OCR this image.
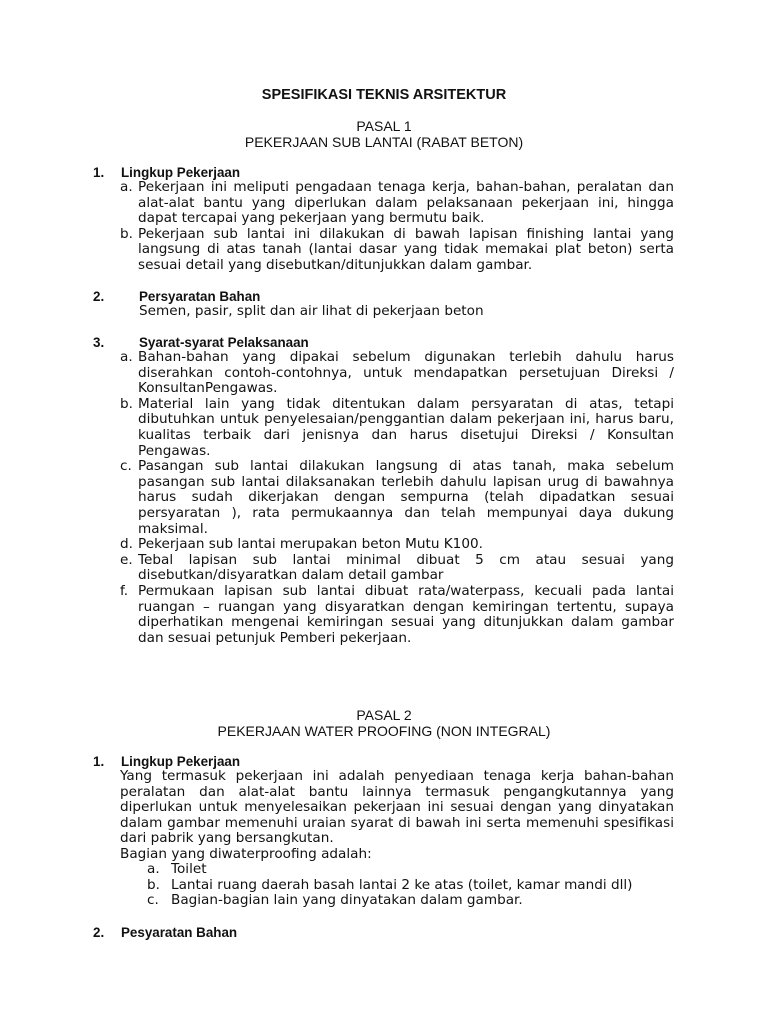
SPESIFIKASI TEKNIS ARSITEKTUR
PASAL 1
PEKERJAAN SUB LANTAI (RABAT BETON)
1. Lingkup Pekerjaan
a. Pekerjaan ini meliputi pengadaan tenaga kerja, bahan-bahan, peralatan dan alat-alat bantu yang diperlukan dalam pelaksanaan pekerjaan ini, hingga dapat tercapai yang pekerjaan yang bermutu baik.
b. Pekerjaan sub lantai ini dilakukan di bawah lapisan finishing lantai yang langsung di atas tanah (lantai dasar yang tidak memakai plat beton) serta sesuai detail yang disebutkan/ditunjukkan dalam gambar.
2.	Persyaratan Bahan
Semen, pasir, split dan air lihat di pekerjaan beton
3.	Syarat-syarat Pelaksanaan
a. Bahan-bahan yang dipakai sebelum digunakan terlebih dahulu harus diserahkan contoh-contohnya, untuk mendapatkan persetujuan Direksi / KonsultanPengawas.
b. Material lain yang tidak ditentukan dalam persyaratan di atas, tetapi dibutuhkan untuk penyelesaian/penggantian dalam pekerjaan ini, harus baru, kualitas terbaik dari jenisnya dan harus disetujui Direksi / Konsultan Pengawas.
c. Pasangan sub lantai dilakukan langsung di atas tanah, maka sebelum pasangan sub lantai dilaksanakan terlebih dahulu lapisan urug di bawahnya harus sudah dikerjakan dengan sempurna (telah dipadatkan sesuai persyaratan ), rata permukaannya dan telah mempunyai daya dukung maksimal.
d. Pekerjaan sub lantai merupakan beton Mutu K100.
e. Tebal lapisan sub lantai minimal dibuat 5 cm atau sesuai yang disebutkan/disyaratkan dalam detail gambar
f. Permukaan lapisan sub lantai dibuat rata/waterpass, kecuali pada lantai ruangan – ruangan yang disyaratkan dengan kemiringan tertentu, supaya diperhatikan mengenai kemiringan sesuai yang ditunjukkan dalam gambar dan sesuai petunjuk Pemberi pekerjaan.
PASAL 2
PEKERJAAN WATER PROOFING (NON INTEGRAL)
1. Lingkup Pekerjaan
Yang termasuk pekerjaan ini adalah penyediaan tenaga kerja bahan-bahan peralatan dan alat-alat bantu lainnya termasuk pengangkutannya yang diperlukan untuk menyelesaikan pekerjaan ini sesuai dengan yang dinyatakan dalam gambar memenuhi uraian syarat di bawah ini serta memenuhi spesifikasi dari pabrik yang bersangkutan.
Bagian yang diwaterproofing adalah:
a. Toilet
b. Lantai ruang daerah basah lantai 2 ke atas (toilet, kamar mandi dll)
c. Bagian-bagian lain yang dinyatakan dalam gambar.
2. Pesyaratan Bahan
